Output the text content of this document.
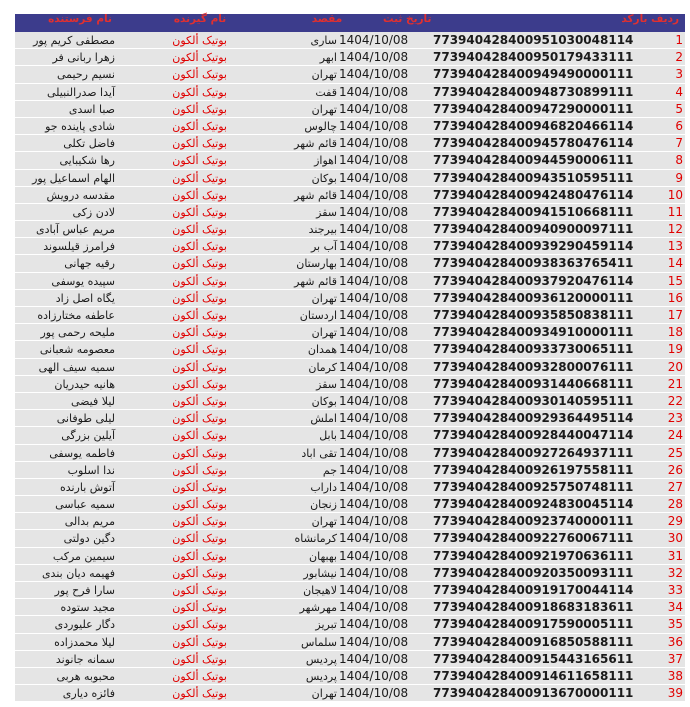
ردیف بارکد
تاریخ ثبت
مقصد
نام گیرنده
نام فرستنده
1
773940428400951030048114
1404/10/08
ساری
بوتیک ألکون
مصطفی کریم پور
2
773940428400950179433111
1404/10/08
ابهر
بوتیک ألکون
زهرا ربانی فر
3
773940428400949490000111
1404/10/08
تهران
بوتیک ألکون
نسیم رحیمی
4
773940428400948730899111
1404/10/08
قفت
بوتیک ألکون
آیدا صدرالنبیلی
5
773940428400947290000111
1404/10/08
تهران
بوتیک ألکون
صبا اسدی
6
773940428400946820466114
1404/10/08
چالوس
بوتیک ألکون
شادی پاینده جو
7
773940428400945780476114
1404/10/08
قائم شهر
بوتیک ألکون
فاضل تکلی
8
773940428400944590006111
1404/10/08
اهواز
بوتیک ألکون
رها شکیبایی
9
773940428400943510595111
1404/10/08
بوکان
بوتیک ألکون
الهام اسماعیل پور
10
773940428400942480476114
1404/10/08
قائم شهر
بوتیک ألکون
مقدسه درویش
11
773940428400941510668111
1404/10/08
سقز
بوتیک ألکون
لادن زکی
12
773940428400940900097111
1404/10/08
بیرجند
بوتیک ألکون
مریم عباس آبادی
13
773940428400939290459114
1404/10/08
آب بر
بوتیک ألکون
فرامرز قیلسوند
14
773940428400938363765411
1404/10/08
بهارستان
بوتیک ألکون
رقیه جهانی
15
773940428400937920476114
1404/10/08
قائم شهر
بوتیک ألکون
سپیده یوسفی
16
773940428400936120000111
1404/10/08
تهران
بوتیک ألکون
یگاه اصل زاد
17
773940428400935850838111
1404/10/08
اردستان
بوتیک ألکون
عاطفه مختارزاده
18
773940428400934910000111
1404/10/08
تهران
بوتیک ألکون
ملیحه رحمی پور
19
773940428400933730065111
1404/10/08
همدان
بوتیک ألکون
معصومه شعبانی
20
773940428400932800076111
1404/10/08
کرمان
بوتیک ألکون
سمیه سیف الهی
21
773940428400931440668111
1404/10/08
سقز
بوتیک ألکون
هانیه حیدریان
22
773940428400930140595111
1404/10/08
بوکان
بوتیک ألکون
لیلا فیضی
23
773940428400929364495114
1404/10/08
املش
بوتیک ألکون
لیلی طوفانی
24
773940428400928440047114
1404/10/08
بابل
بوتیک ألکون
آیلین بزرگی
25
773940428400927264937111
1404/10/08
تقی اباد
بوتیک ألکون
فاطمه یوسفی
26
773940428400926197558111
1404/10/08
جم
بوتیک ألکون
ندا اسلوب
27
773940428400925750748111
1404/10/08
داراب
بوتیک ألکون
آتوش بارنده
28
773940428400924830045114
1404/10/08
زنجان
بوتیک ألکون
سمیه عباسی
29
773940428400923740000111
1404/10/08
تهران
بوتیک ألکون
مریم بدالی
30
773940428400922760067111
1404/10/08
کرمانشاه
بوتیک ألکون
دگین دولتی
31
773940428400921970636111
1404/10/08
بهبهان
بوتیک ألکون
سیمین مرکب
32
773940428400920350093111
1404/10/08
نیشابور
بوتیک ألکون
فهیمه دیان بندی
33
773940428400919170044114
1404/10/08
لاهیجان
بوتیک ألکون
سارا فرح پور
34
773940428400918683183611
1404/10/08
مهرشهر
بوتیک ألکون
مجید ستوده
35
773940428400917590005111
1404/10/08
تبریز
بوتیک ألکون
دگار علیوردی
36
773940428400916850588111
1404/10/08
سلماس
بوتیک ألکون
لیلا محمدزاده
37
773940428400915443165611
1404/10/08
پردیس
بوتیک ألکون
سمانه جانوند
38
773940428400914611658111
1404/10/08
پردیس
بوتیک ألکون
محبوبه هربی
39
773940428400913670000111
1404/10/08
تهران
بوتیک ألکون
فائزه دیاری
